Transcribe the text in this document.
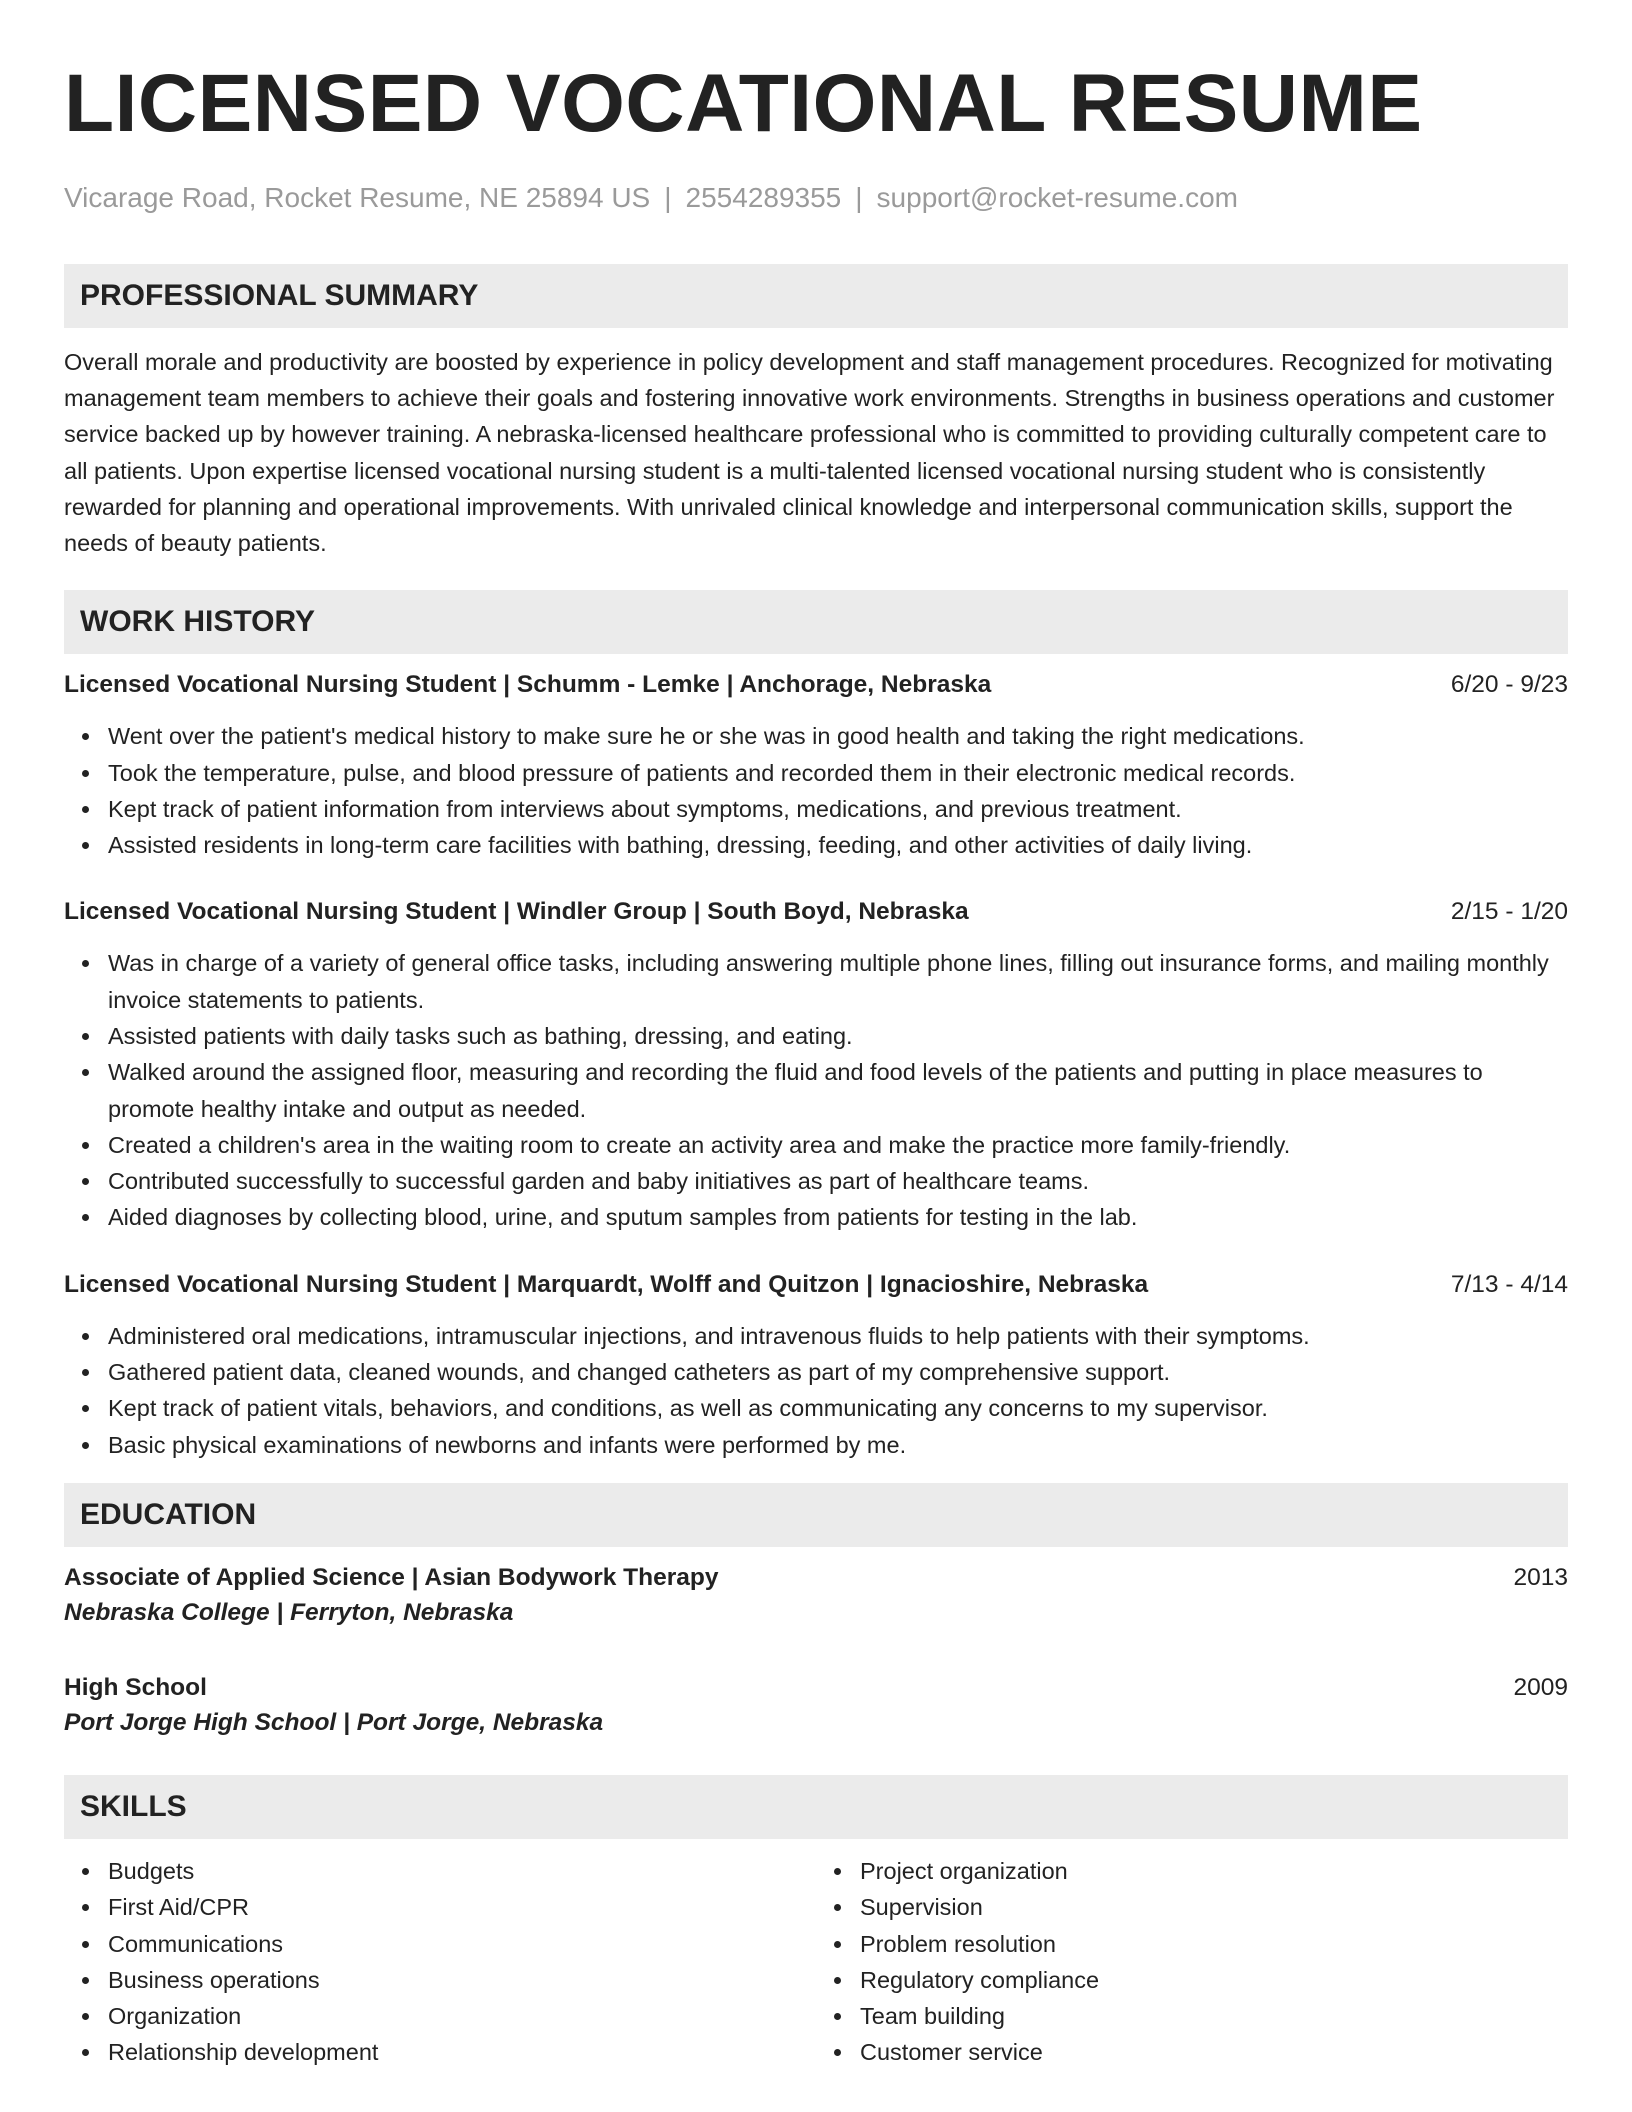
LICENSED VOCATIONAL RESUME
Vicarage Road, Rocket Resume, NE 25894 US | 2554289355 | support@rocket-resume.com
PROFESSIONAL SUMMARY

Overall morale and productivity are boosted by experience in policy development and staff management procedures. Recognized for motivating management team members to achieve their goals and fostering innovative work environments. Strengths in business operations and customer service backed up by however training. A nebraska-licensed healthcare professional who is committed to providing culturally competent care to all patients. Upon expertise licensed vocational nursing student is a multi-talented licensed vocational nursing student who is consistently rewarded for planning and operational improvements. With unrivaled clinical knowledge and interpersonal communication skills, support the needs of beauty patients.

WORK HISTORY
Licensed Vocational Nursing Student | Schumm - Lemke | Anchorage, Nebraska	6/20 - 9/23
Went over the patient's medical history to make sure he or she was in good health and taking the right medications.
Took the temperature, pulse, and blood pressure of patients and recorded them in their electronic medical records.
Kept track of patient information from interviews about symptoms, medications, and previous treatment.
Assisted residents in long-term care facilities with bathing, dressing, feeding, and other activities of daily living.
Licensed Vocational Nursing Student | Windler Group | South Boyd, Nebraska	2/15 - 1/20
Was in charge of a variety of general office tasks, including answering multiple phone lines, filling out insurance forms, and mailing monthly invoice statements to patients.
Assisted patients with daily tasks such as bathing, dressing, and eating.
Walked around the assigned floor, measuring and recording the fluid and food levels of the patients and putting in place measures to promote healthy intake and output as needed.
Created a children's area in the waiting room to create an activity area and make the practice more family-friendly.
Contributed successfully to successful garden and baby initiatives as part of healthcare teams.
Aided diagnoses by collecting blood, urine, and sputum samples from patients for testing in the lab.
Licensed Vocational Nursing Student | Marquardt, Wolff and Quitzon | Ignacioshire, Nebraska	7/13 - 4/14
Administered oral medications, intramuscular injections, and intravenous fluids to help patients with their symptoms.
Gathered patient data, cleaned wounds, and changed catheters as part of my comprehensive support.
Kept track of patient vitals, behaviors, and conditions, as well as communicating any concerns to my supervisor.
Basic physical examinations of newborns and infants were performed by me.
EDUCATION
Associate of Applied Science | Asian Bodywork Therapy	2013
Nebraska College | Ferryton, Nebraska
High School	2009
Port Jorge High School | Port Jorge, Nebraska
SKILLS
Budgets
First Aid/CPR
Communications
Business operations
Organization
Relationship development
Project organization
Supervision
Problem resolution
Regulatory compliance
Team building
Customer service
